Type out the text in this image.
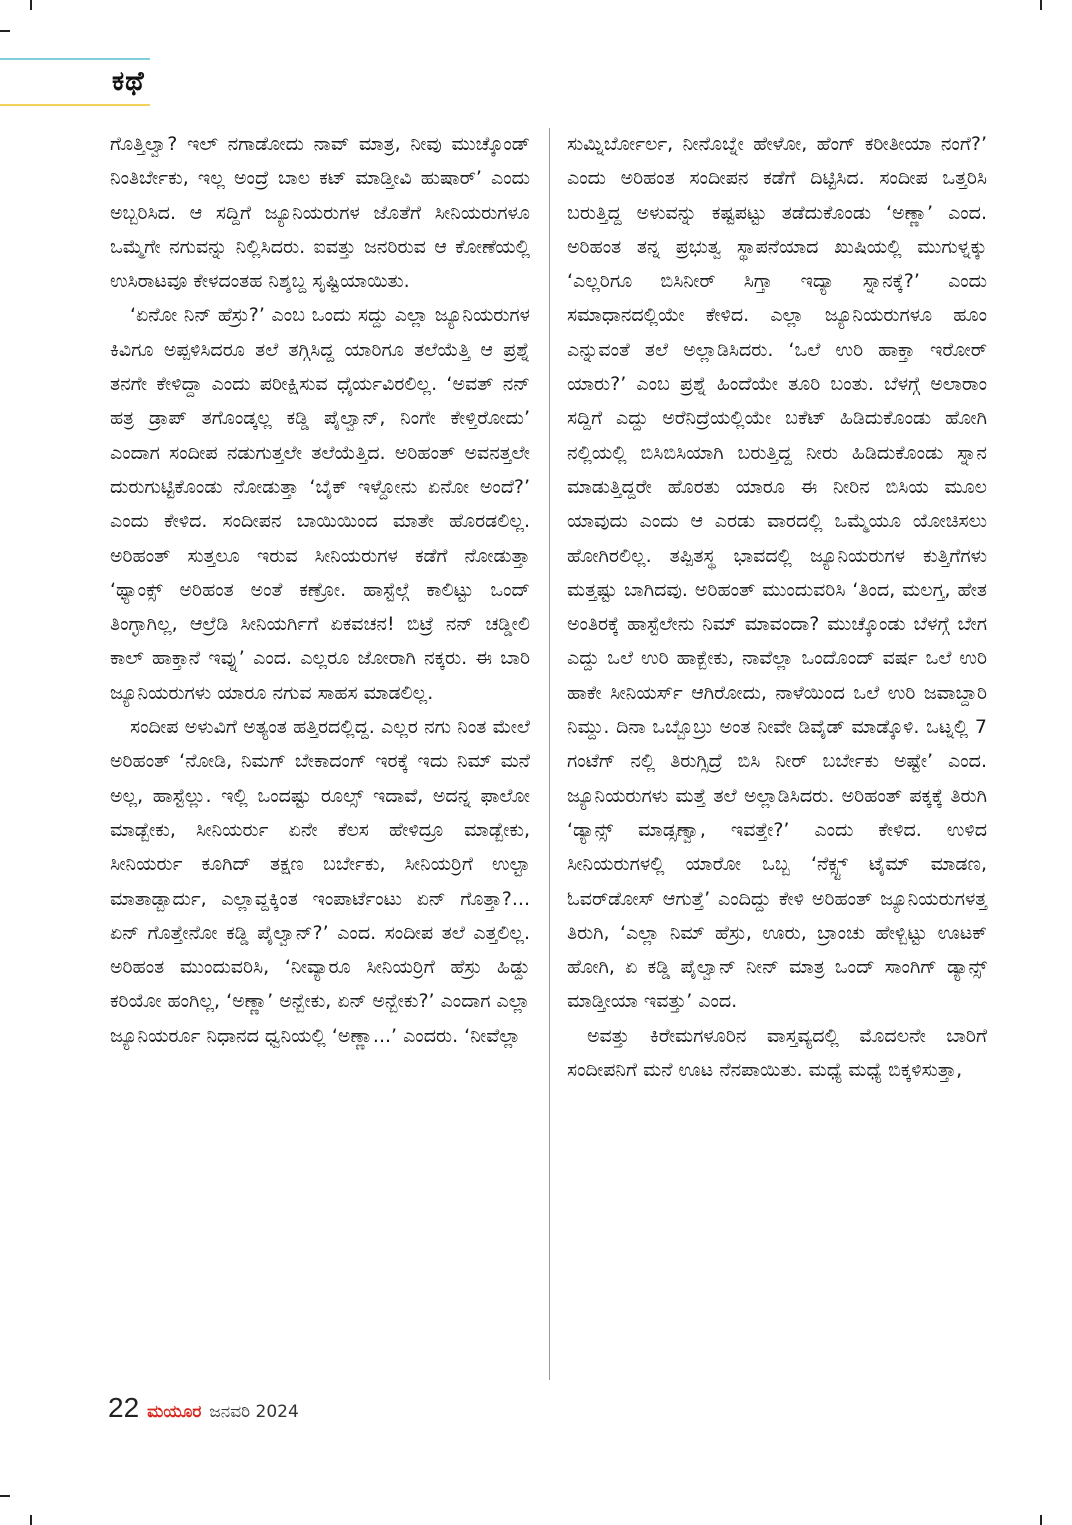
ಕಥೆ

ಗೊತ್ತಿಲ್ವಾ? ಇಲ್ ನಗಾಡೋದು ನಾವ್ ಮಾತ್ರ, ನೀವು ಮುಚ್ಕೊಂಡ್ ನಿಂತಿರ್ಬೇಕು, ಇಲ್ಲ ಅಂದ್ರೆ ಬಾಲ ಕಟ್ ಮಾಡ್ತೀವಿ ಹುಷಾರ್’ ಎಂದು ಅಬ್ಬರಿಸಿದ. ಆ ಸದ್ದಿಗೆ ಜ್ಯೂನಿಯರುಗಳ ಜೊತೆಗೆ ಸೀನಿಯರುಗಳೂ ಒಮ್ಮೆಗೇ ನಗುವನ್ನು ನಿಲ್ಲಿಸಿದರು. ಐವತ್ತು ಜನರಿರುವ ಆ ಕೋಣೆಯಲ್ಲಿ ಉಸಿರಾಟವೂ ಕೇಳದಂತಹ ನಿಶ್ಶಬ್ದ ಸೃಷ್ಟಿಯಾಯಿತು.

‘ಏನೋ ನಿನ್ ಹೆಸ್ರು?’ ಎಂಬ ಒಂದು ಸದ್ದು ಎಲ್ಲಾ ಜ್ಯೂನಿಯರುಗಳ ಕಿವಿಗೂ ಅಪ್ಪಳಿಸಿದರೂ ತಲೆ ತಗ್ಗಿಸಿದ್ದ ಯಾರಿಗೂ ತಲೆಯೆತ್ತಿ ಆ ಪ್ರಶ್ನೆ ತನಗೇ ಕೇಳಿದ್ದಾ ಎಂದು ಪರೀಕ್ಷಿಸುವ ಧೈರ್ಯವಿರಲಿಲ್ಲ. ‘ಅವತ್ ನನ್ ಹತ್ರ ಡ್ರಾಪ್ ತಗೊಂಡ್ಕಲ್ಲ ಕಡ್ಡಿ ಪೈಲ್ವಾನ್, ನಿಂಗೇ ಕೇಳ್ತಿರೋದು’ ಎಂದಾಗ ಸಂದೀಪ ನಡುಗುತ್ತಲೇ ತಲೆಯೆತ್ತಿದ. ಅರಿಹಂತ್ ಅವನತ್ತಲೇ ದುರುಗುಟ್ಟಿಕೊಂಡು ನೋಡುತ್ತಾ ‘ಬೈಕ್ ಇಳ್ದೋನು ಏನೋ ಅಂದೆ?’ ಎಂದು ಕೇಳಿದ. ಸಂದೀಪನ ಬಾಯಿಯಿಂದ ಮಾತೇ ಹೊರಡಲಿಲ್ಲ. ಅರಿಹಂತ್ ಸುತ್ತಲೂ ಇರುವ ಸೀನಿಯರುಗಳ ಕಡೆಗೆ ನೋಡುತ್ತಾ ‘ಥ್ಯಾಂಕ್ಸ್ ಅರಿಹಂತ ಅಂತೆ ಕಣ್ರೋ. ಹಾಸ್ಟೆಲ್ಗೆ ಕಾಲಿಟ್ಟು ಒಂದ್ ತಿಂಗ್ಳಾಗಿಲ್ಲ, ಆಲ್ರೆಡಿ ಸೀನಿಯರ್ಗಿಗೆ ಏಕವಚನ! ಬಿಟ್ರೆ ನನ್ ಚಡ್ಡೀಲಿ ಕಾಲ್ ಹಾಕ್ತಾನೆ ಇವ್ನು’ ಎಂದ. ಎಲ್ಲರೂ ಜೋರಾಗಿ ನಕ್ಕರು. ಈ ಬಾರಿ ಜ್ಯೂನಿಯರುಗಳು ಯಾರೂ ನಗುವ ಸಾಹಸ ಮಾಡಲಿಲ್ಲ.

ಸಂದೀಪ ಅಳುವಿಗೆ ಅತ್ಯಂತ ಹತ್ತಿರದಲ್ಲಿದ್ದ. ಎಲ್ಲರ ನಗು ನಿಂತ ಮೇಲೆ ಅರಿಹಂತ್ ‘ನೋಡಿ, ನಿಮಗ್ ಬೇಕಾದಂಗ್ ಇರಕ್ಕೆ ಇದು ನಿಮ್ ಮನೆ ಅಲ್ಲ, ಹಾಸ್ಟೆಲ್ಲು. ಇಲ್ಲಿ ಒಂದಷ್ಟು ರೂಲ್ಸ್ ಇದಾವೆ, ಅದನ್ನ ಫಾಲೋ ಮಾಡ್ಬೇಕು, ಸೀನಿಯರ್ರು ಏನೇ ಕೆಲಸ ಹೇಳಿದ್ರೂ ಮಾಡ್ಬೇಕು, ಸೀನಿಯರ್ರು ಕೂಗಿದ್ ತಕ್ಷಣ ಬರ್ಬೇಕು, ಸೀನಿಯರ್ರಿಗೆ ಉಲ್ಟಾ ಮಾತಾಡ್ಬಾರ್ದು, ಎಲ್ಲಾವ್ದಕ್ಕಿಂತ ಇಂಪಾರ್ಟೆಂಟು ಏನ್ ಗೊತ್ತಾ?... ಏನ್ ಗೊತ್ತೇನೋ ಕಡ್ಡಿ ಪೈಲ್ವಾನ್?’ ಎಂದ. ಸಂದೀಪ ತಲೆ ಎತ್ತಲಿಲ್ಲ. ಅರಿಹಂತ ಮುಂದುವರಿಸಿ, ‘ನೀವ್ಯಾರೂ ಸೀನಿಯರ್ರಿಗೆ ಹೆಸ್ರು ಹಿಡ್ದು ಕರಿಯೋ ಹಂಗಿಲ್ಲ, ‘ಅಣ್ಣಾ’ ಅನ್ಬೇಕು, ಏನ್ ಅನ್ಬೇಕು?’ ಎಂದಾಗ ಎಲ್ಲಾ ಜ್ಯೂನಿಯರ್ರೂ ನಿಧಾನದ ಧ್ವನಿಯಲ್ಲಿ ‘ಅಣ್ಣಾ...’ ಎಂದರು. ‘ನೀವೆಲ್ಲಾ

ಸುಮ್ನಿರ್ಬೋರ್ಲ, ನೀನೊಬ್ನೇ ಹೇಳೋ, ಹೆಂಗ್ ಕರೀತೀಯಾ ನಂಗೆ?’ ಎಂದು ಅರಿಹಂತ ಸಂದೀಪನ ಕಡೆಗೆ ದಿಟ್ಟಿಸಿದ. ಸಂದೀಪ ಒತ್ತರಿಸಿ ಬರುತ್ತಿದ್ದ ಅಳುವನ್ನು ಕಷ್ಟಪಟ್ಟು ತಡೆದುಕೊಂಡು ‘ಅಣ್ಣಾ’ ಎಂದ. ಅರಿಹಂತ ತನ್ನ ಪ್ರಭುತ್ವ ಸ್ಥಾಪನೆಯಾದ ಖುಷಿಯಲ್ಲಿ ಮುಗುಳ್ನಕ್ಕು ‘ಎಲ್ಲರಿಗೂ ಬಿಸಿನೀರ್ ಸಿಗ್ತಾ ಇದ್ಯಾ ಸ್ನಾನಕ್ಕೆ?’ ಎಂದು ಸಮಾಧಾನದಲ್ಲಿಯೇ ಕೇಳಿದ. ಎಲ್ಲಾ ಜ್ಯೂನಿಯರುಗಳೂ ಹೂಂ ಎನ್ನುವಂತೆ ತಲೆ ಅಲ್ಲಾಡಿಸಿದರು. ‘ಒಲೆ ಉರಿ ಹಾಕ್ತಾ ಇರೋರ್ ಯಾರು?’ ಎಂಬ ಪ್ರಶ್ನೆ ಹಿಂದೆಯೇ ತೂರಿ ಬಂತು. ಬೆಳಗ್ಗೆ ಅಲಾರಾಂ ಸದ್ದಿಗೆ ಎದ್ದು ಅರೆನಿದ್ರೆಯಲ್ಲಿಯೇ ಬಕೆಟ್ ಹಿಡಿದುಕೊಂಡು ಹೋಗಿ ನಲ್ಲಿಯಲ್ಲಿ ಬಿಸಿಬಿಸಿಯಾಗಿ ಬರುತ್ತಿದ್ದ ನೀರು ಹಿಡಿದುಕೊಂಡು ಸ್ನಾನ ಮಾಡುತ್ತಿದ್ದರೇ ಹೊರತು ಯಾರೂ ಈ ನೀರಿನ ಬಿಸಿಯ ಮೂಲ ಯಾವುದು ಎಂದು ಆ ಎರಡು ವಾರದಲ್ಲಿ ಒಮ್ಮೆಯೂ ಯೋಚಿಸಲು ಹೋಗಿರಲಿಲ್ಲ. ತಪ್ಪಿತಸ್ಥ ಭಾವದಲ್ಲಿ ಜ್ಯೂನಿಯರುಗಳ ಕುತ್ತಿಗೆಗಳು ಮತ್ತಷ್ಟು ಬಾಗಿದವು. ಅರಿಹಂತ್ ಮುಂದುವರಿಸಿ ‘ತಿಂದ, ಮಲಗ್ತ, ಹೇತ ಅಂತಿರಕ್ಕೆ ಹಾಸ್ಟೆಲೇನು ನಿಮ್ ಮಾವಂದಾ? ಮುಚ್ಕೊಂಡು ಬೆಳಗ್ಗೆ ಬೇಗ ಎದ್ದು ಒಲೆ ಉರಿ ಹಾಕ್ಬೇಕು, ನಾವೆಲ್ಲಾ ಒಂದೊಂದ್ ವರ್ಷ ಒಲೆ ಉರಿ ಹಾಕೇ ಸೀನಿಯರ್ಸ್ ಆಗಿರೋದು, ನಾಳೆಯಿಂದ ಒಲೆ ಉರಿ ಜವಾಬ್ದಾರಿ ನಿಮ್ದು. ದಿನಾ ಒಬ್ಬೊಬ್ರು ಅಂತ ನೀವೇ ಡಿವೈಡ್ ಮಾಡ್ಕೊಳಿ. ಒಟ್ನಲ್ಲಿ 7 ಗಂಟೆಗ್ ನಲ್ಲಿ ತಿರುಗ್ಸಿದ್ರೆ ಬಿಸಿ ನೀರ್ ಬರ್ಬೇಕು ಅಷ್ಟೇ’ ಎಂದ. ಜ್ಯೂನಿಯರುಗಳು ಮತ್ತೆ ತಲೆ ಅಲ್ಲಾಡಿಸಿದರು. ಅರಿಹಂತ್ ಪಕ್ಕಕ್ಕೆ ತಿರುಗಿ ‘ಡ್ಯಾನ್ಸ್ ಮಾಡ್ಸಣ್ವಾ, ಇವತ್ತೇ?’ ಎಂದು ಕೇಳಿದ. ಉಳಿದ ಸೀನಿಯರುಗಳಲ್ಲಿ ಯಾರೋ ಒಬ್ಬ ‘ನೆಕ್ಸ್ಟ್ ಟೈಮ್ ಮಾಡಣ, ಓವರ್‌ಡೋಸ್ ಆಗುತ್ತೆ’ ಎಂದಿದ್ದು ಕೇಳಿ ಅರಿಹಂತ್ ಜ್ಯೂನಿಯರುಗಳತ್ತ ತಿರುಗಿ, ‘ಎಲ್ಲಾ ನಿಮ್ ಹೆಸ್ರು, ಊರು, ಬ್ರಾಂಚು ಹೇಳ್ಬಿಟ್ಟು ಊಟಕ್ ಹೋಗಿ, ಏ ಕಡ್ಡಿ ಪೈಲ್ವಾನ್ ನೀನ್ ಮಾತ್ರ ಒಂದ್ ಸಾಂಗಿಗ್ ಡ್ಯಾನ್ಸ್ ಮಾಡ್ತೀಯಾ ಇವತ್ತು’ ಎಂದ.

ಅವತ್ತು ಕಿರೇಮಗಳೂರಿನ ವಾಸ್ತವ್ಯದಲ್ಲಿ ಮೊದಲನೇ ಬಾರಿಗೆ ಸಂದೀಪನಿಗೆ ಮನೆ ಊಟ ನೆನಪಾಯಿತು. ಮಧ್ಯೆ ಮಧ್ಯೆ ಬಿಕ್ಕಳಿಸುತ್ತಾ,

22 ಮಯೂರ ಜನವರಿ 2024
